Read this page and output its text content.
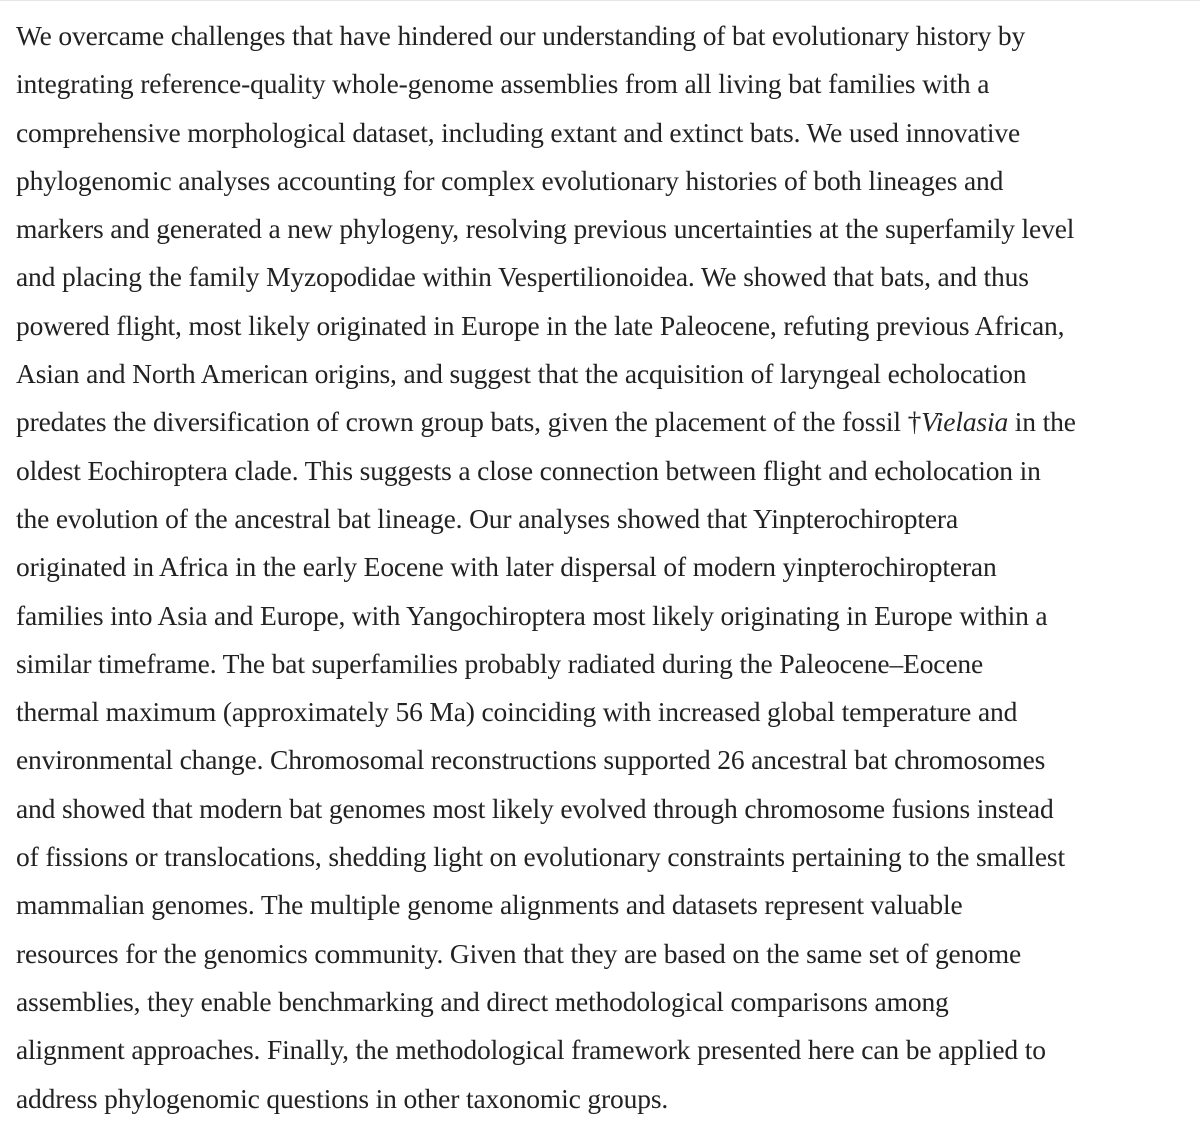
We overcame challenges that have hindered our understanding of bat evolutionary history by
integrating reference-quality whole-genome assemblies from all living bat families with a
comprehensive morphological dataset, including extant and extinct bats. We used innovative
phylogenomic analyses accounting for complex evolutionary histories of both lineages and
markers and generated a new phylogeny, resolving previous uncertainties at the superfamily level
and placing the family Myzopodidae within Vespertilionoidea. We showed that bats, and thus
powered flight, most likely originated in Europe in the late Paleocene, refuting previous African,
Asian and North American origins, and suggest that the acquisition of laryngeal echolocation
predates the diversification of crown group bats, given the placement of the fossil †Vielasia in the
oldest Eochiroptera clade. This suggests a close connection between flight and echolocation in
the evolution of the ancestral bat lineage. Our analyses showed that Yinpterochiroptera
originated in Africa in the early Eocene with later dispersal of modern yinpterochiropteran
families into Asia and Europe, with Yangochiroptera most likely originating in Europe within a
similar timeframe. The bat superfamilies probably radiated during the Paleocene–Eocene
thermal maximum (approximately 56 Ma) coinciding with increased global temperature and
environmental change. Chromosomal reconstructions supported 26 ancestral bat chromosomes
and showed that modern bat genomes most likely evolved through chromosome fusions instead
of fissions or translocations, shedding light on evolutionary constraints pertaining to the smallest
mammalian genomes. The multiple genome alignments and datasets represent valuable
resources for the genomics community. Given that they are based on the same set of genome
assemblies, they enable benchmarking and direct methodological comparisons among
alignment approaches. Finally, the methodological framework presented here can be applied to
address phylogenomic questions in other taxonomic groups.
